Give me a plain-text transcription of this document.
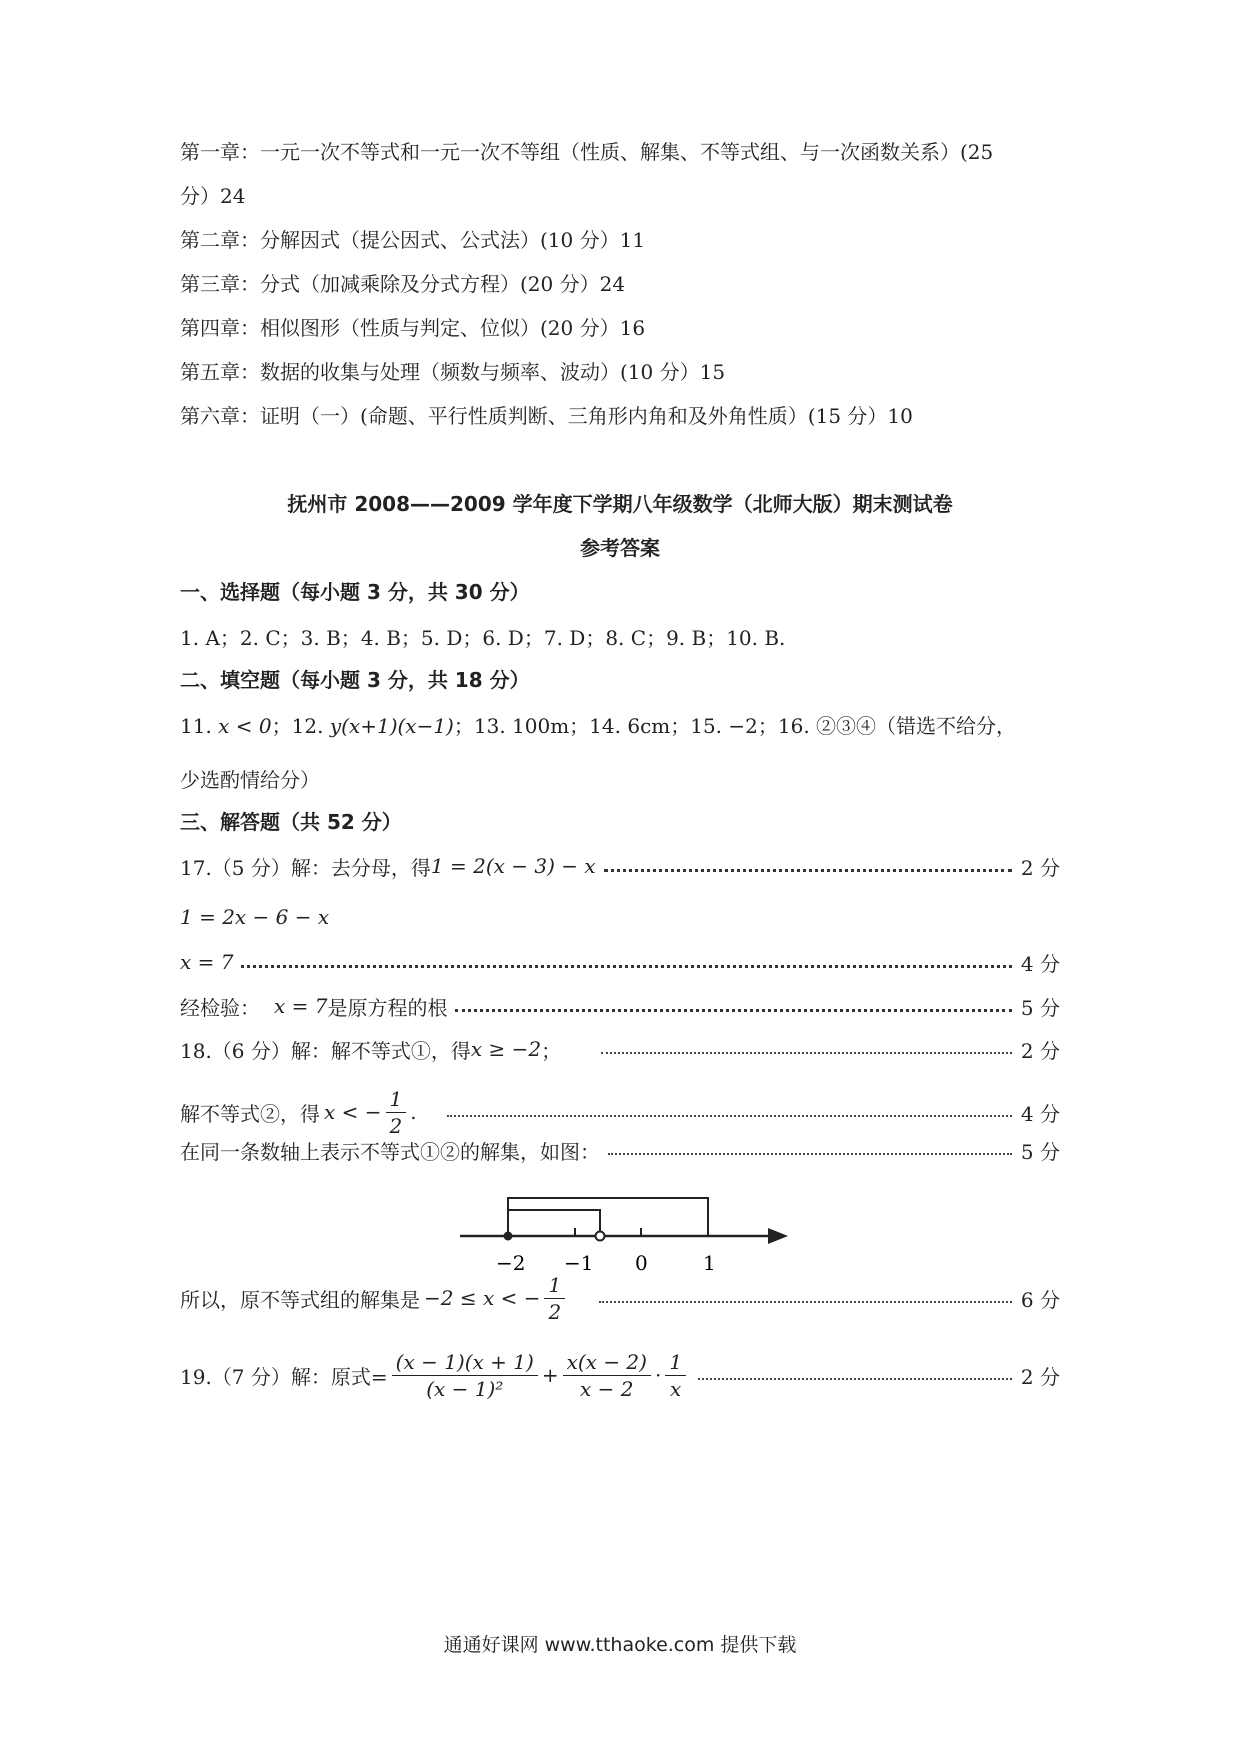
第一章：一元一次不等式和一元一次不等组（性质、解集、不等式组、与一次函数关系）(25
分）24
第二章：分解因式（提公因式、公式法）(10 分）11
第三章：分式（加减乘除及分式方程）(20 分）24
第四章：相似图形（性质与判定、位似）(20 分）16
第五章：数据的收集与处理（频数与频率、波动）(10 分）15
第六章：证明（一）(命题、平行性质判断、三角形内角和及外角性质）(15 分）10
抚州市 2008——2009 学年度下学期八年级数学（北师大版）期末测试卷
参考答案
一、选择题（每小题 3 分，共 30 分）
1. A；2. C；3. B；4. B；5. D；6. D；7. D；8. C；9. B；10. B.
二、填空题（每小题 3 分，共 18 分）
11. x < 0；12. y(x+1)(x−1)；13. 100m；14. 6cm；15. −2；16. ②③④（错选不给分，
少选酌情给分）
三、解答题（共 52 分）
17.（5 分）解：去分母，得 1 = 2(x − 3) − x	2 分
1 = 2x − 6 − x
x = 7	4 分
经检验： x = 7 是原方程的根	5 分
18.（6 分）解：解不等式①，得 x ≥ −2 ；	2 分
解不等式②，得 x < − $\frac{1}{2}$ .	4 分
在同一条数轴上表示不等式①②的解集，如图：	5 分
−2 −1 0	1
所以，原不等式组的解集是 −2 ≤ x < − $\frac{1}{2}$	6 分
19.（7 分）解：原式= $\frac{(x - 1)(x + 1)}{\text{(x − 1)²}} + \frac{x(x - 2)}{x - 2} \cdot \frac{1}{x}$	2 分
通通好课网 www.tthaoke.com 提供下载
